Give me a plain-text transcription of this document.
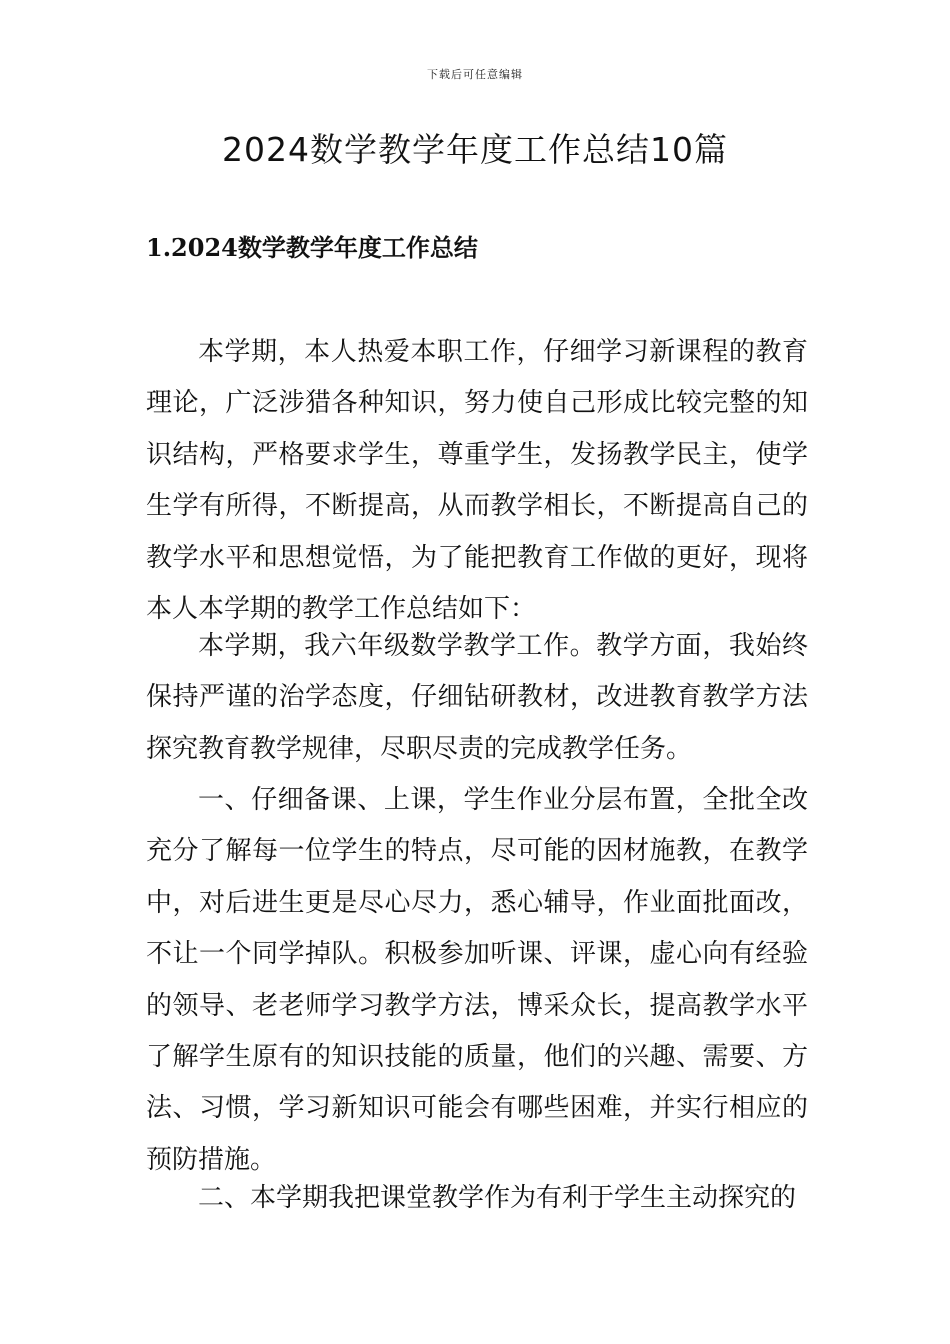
下载后可任意编辑
2024数学教学年度工作总结10篇
1.2024数学教学年度工作总结

本学期，本人热爱本职工作，仔细学习新课程的教育理论，广泛涉猎各种知识，努力使自己形成比较完整的知识结构，严格要求学生，尊重学生，发扬教学民主，使学生学有所得，不断提高，从而教学相长，不断提高自己的教学水平和思想觉悟，为了能把教育工作做的更好，现将本人本学期的教学工作总结如下：

本学期，我六年级数学教学工作。教学方面，我始终保持严谨的治学态度，仔细钻研教材，改进教育教学方法探究教育教学规律，尽职尽责的完成教学任务。

一、仔细备课、上课，学生作业分层布置，全批全改充分了解每一位学生的特点，尽可能的因材施教，在教学中，对后进生更是尽心尽力，悉心辅导，作业面批面改，不让一个同学掉队。积极参加听课、评课，虚心向有经验的领导、老老师学习教学方法，博采众长，提高教学水平了解学生原有的知识技能的质量，他们的兴趣、需要、方法、习惯，学习新知识可能会有哪些困难，并实行相应的预防措施。

二、本学期我把课堂教学作为有利于学生主动探究的
